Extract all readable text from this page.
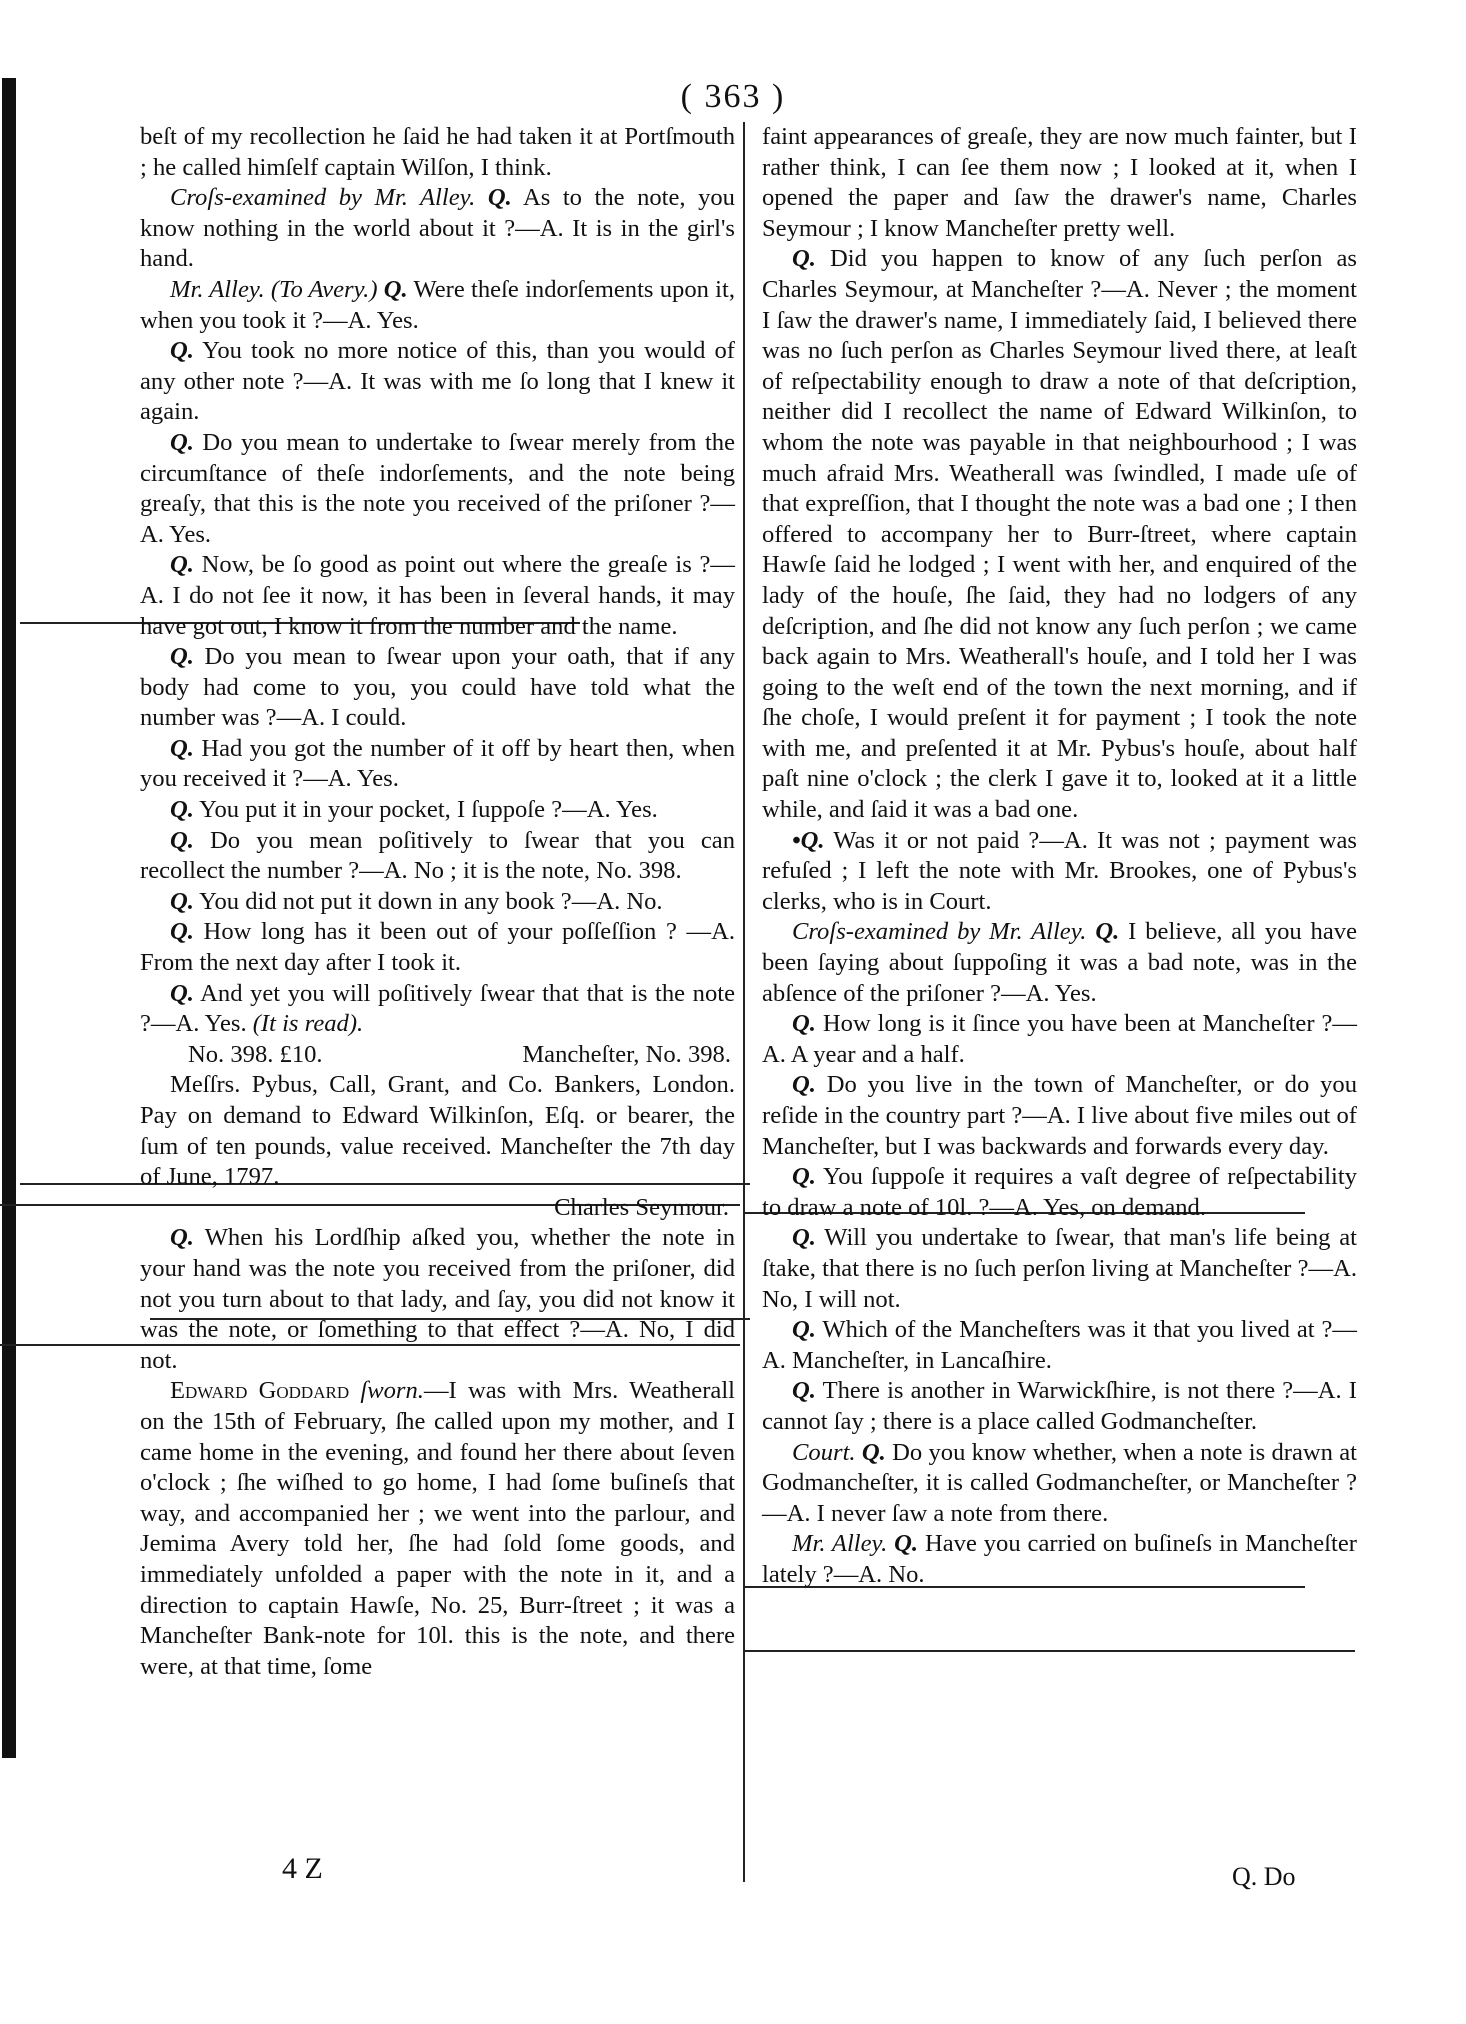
( 363 )

beſt of my recollection he ſaid he had taken it at Portſmouth ; he called himſelf captain Wilſon, I think.

Croſs-examined by Mr. Alley. Q. As to the note, you know nothing in the world about it ?—A. It is in the girl's hand.

Mr. Alley. (To Avery.) Q. Were theſe indorſements upon it, when you took it ?—A. Yes.

Q. You took no more notice of this, than you would of any other note ?—A. It was with me ſo long that I knew it again.

Q. Do you mean to undertake to ſwear merely from the circumſtance of theſe indorſements, and the note being greaſy, that this is the note you received of the priſoner ?—A. Yes.

Q. Now, be ſo good as point out where the greaſe is ?—A. I do not ſee it now, it has been in ſeveral hands, it may have got out, I know it from the number and the name.

Q. Do you mean to ſwear upon your oath, that if any body had come to you, you could have told what the number was ?—A. I could.

Q. Had you got the number of it off by heart then, when you received it ?—A. Yes.

Q. You put it in your pocket, I ſuppoſe ?—A. Yes.

Q. Do you mean poſitively to ſwear that you can recollect the number ?—A. No ; it is the note, No. 398.

Q. You did not put it down in any book ?—A. No.

Q. How long has it been out of your poſſeſſion ? —A. From the next day after I took it.

Q. And yet you will poſitively ſwear that that is the note ?—A. Yes. (It is read).

No. 398. £10.	Mancheſter, No. 398.

Meſſrs. Pybus, Call, Grant, and Co. Bankers, London. Pay on demand to Edward Wilkinſon, Eſq. or bearer, the ſum of ten pounds, value received. Mancheſter the 7th day of June, 1797.

Charles Seymour.

Q. When his Lordſhip aſked you, whether the note in your hand was the note you received from the priſoner, did not you turn about to that lady, and ſay, you did not know it was the note, or ſomething to that effect ?—A. No, I did not.

Edward Goddard ſworn.—I was with Mrs. Weatherall on the 15th of February, ſhe called upon my mother, and I came home in the evening, and found her there about ſeven o'clock ; ſhe wiſhed to go home, I had ſome buſineſs that way, and accompanied her ; we went into the parlour, and Jemima Avery told her, ſhe had ſold ſome goods, and immediately unfolded a paper with the note in it, and a direction to captain Hawſe, No. 25, Burr-ſtreet ; it was a Mancheſter Bank-note for 10l. this is the note, and there were, at that time, ſome

faint appearances of greaſe, they are now much fainter, but I rather think, I can ſee them now ; I looked at it, when I opened the paper and ſaw the drawer's name, Charles Seymour ; I know Mancheſter pretty well.

Q. Did you happen to know of any ſuch perſon as Charles Seymour, at Mancheſter ?—A. Never ; the moment I ſaw the drawer's name, I immediately ſaid, I believed there was no ſuch perſon as Charles Seymour lived there, at leaſt of reſpectability enough to draw a note of that deſcription, neither did I recollect the name of Edward Wilkinſon, to whom the note was payable in that neighbourhood ; I was much afraid Mrs. Weatherall was ſwindled, I made uſe of that expreſſion, that I thought the note was a bad one ; I then offered to accompany her to Burr-ſtreet, where captain Hawſe ſaid he lodged ; I went with her, and enquired of the lady of the houſe, ſhe ſaid, they had no lodgers of any deſcription, and ſhe did not know any ſuch perſon ; we came back again to Mrs. Weatherall's houſe, and I told her I was going to the weſt end of the town the next morning, and if ſhe choſe, I would preſent it for payment ; I took the note with me, and preſented it at Mr. Pybus's houſe, about half paſt nine o'clock ; the clerk I gave it to, looked at it a little while, and ſaid it was a bad one.

•Q. Was it or not paid ?—A. It was not ; payment was refuſed ; I left the note with Mr. Brookes, one of Pybus's clerks, who is in Court.

Croſs-examined by Mr. Alley. Q. I believe, all you have been ſaying about ſuppoſing it was a bad note, was in the abſence of the priſoner ?—A. Yes.

Q. How long is it ſince you have been at Mancheſter ?—A. A year and a half.

Q. Do you live in the town of Mancheſter, or do you reſide in the country part ?—A. I live about five miles out of Mancheſter, but I was backwards and forwards every day.

Q. You ſuppoſe it requires a vaſt degree of reſpectability to draw a note of 10l. ?—A. Yes, on demand.

Q. Will you undertake to ſwear, that man's life being at ſtake, that there is no ſuch perſon living at Mancheſter ?—A. No, I will not.

Q. Which of the Mancheſters was it that you lived at ?—A. Mancheſter, in Lancaſhire.

Q. There is another in Warwickſhire, is not there ?—A. I cannot ſay ; there is a place called Godmancheſter.

Court. Q. Do you know whether, when a note is drawn at Godmancheſter, it is called Godmancheſter, or Mancheſter ?—A. I never ſaw a note from there.

Mr. Alley. Q. Have you carried on buſineſs in Mancheſter lately ?—A. No.

4 Z	Q. Do
